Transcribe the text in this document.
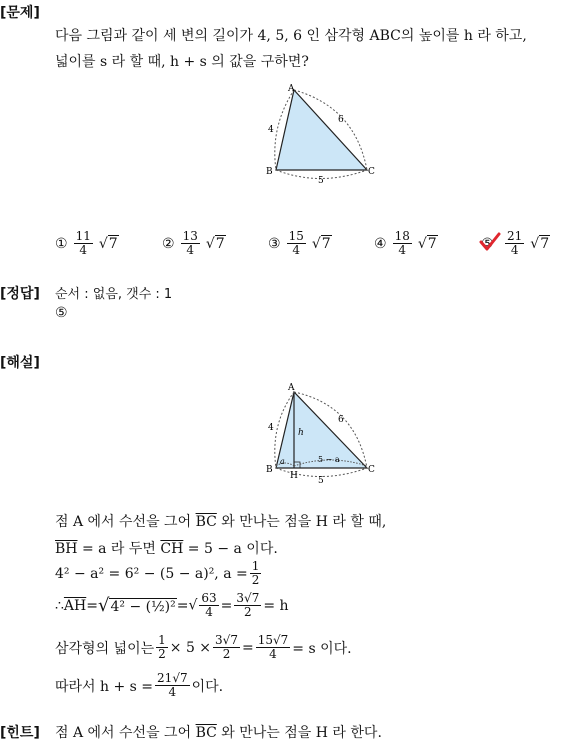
[문제]
다음 그림과 같이 세 변의 길이가 4, 5, 6 인 삼각형 ABC의 높이를 h 라 하고,
넓이를 s 라 할 때, h + s 의 값을 구하면?
A
B	C
4
6
5
① $\frac{11}{4} √7$	② $\frac{13}{4} √7$	③ $\frac{15}{4} √7$	④ $\frac{18}{4} √7$	⑤ $\frac{21}{4} √7$
[정답] 순서 : 없음, 갯수 : 1
⑤
[해설]
A
B	C
H
4
6
5
h
a	5 − a
점 A 에서 수선을 그어 $\overline{BC}$ 와 만나는 점을 H 라 할 때,
$\overline{BH} = a$ 라 두면 $\overline{CH} = 5 - a$ 이다.
4² − a² = 6² − (5 − a)², $a = \frac{1}{2}$
∴ $\overline{AH} = √4^2$ − (½)² = √ $\frac{63}{4} = \frac{3√7}{2} = h$
삼각형의 넓이는 $\frac{1}{2} \times 5 \times \frac{3√7}{2} = \frac{15√7}{4} = s$ 이다.
따라서 $h + s = \frac{21√7}{4}$ 이다.
[힌트] 점 A 에서 수선을 그어 $\overline{BC}$ 와 만나는 점을 H 라 한다.
